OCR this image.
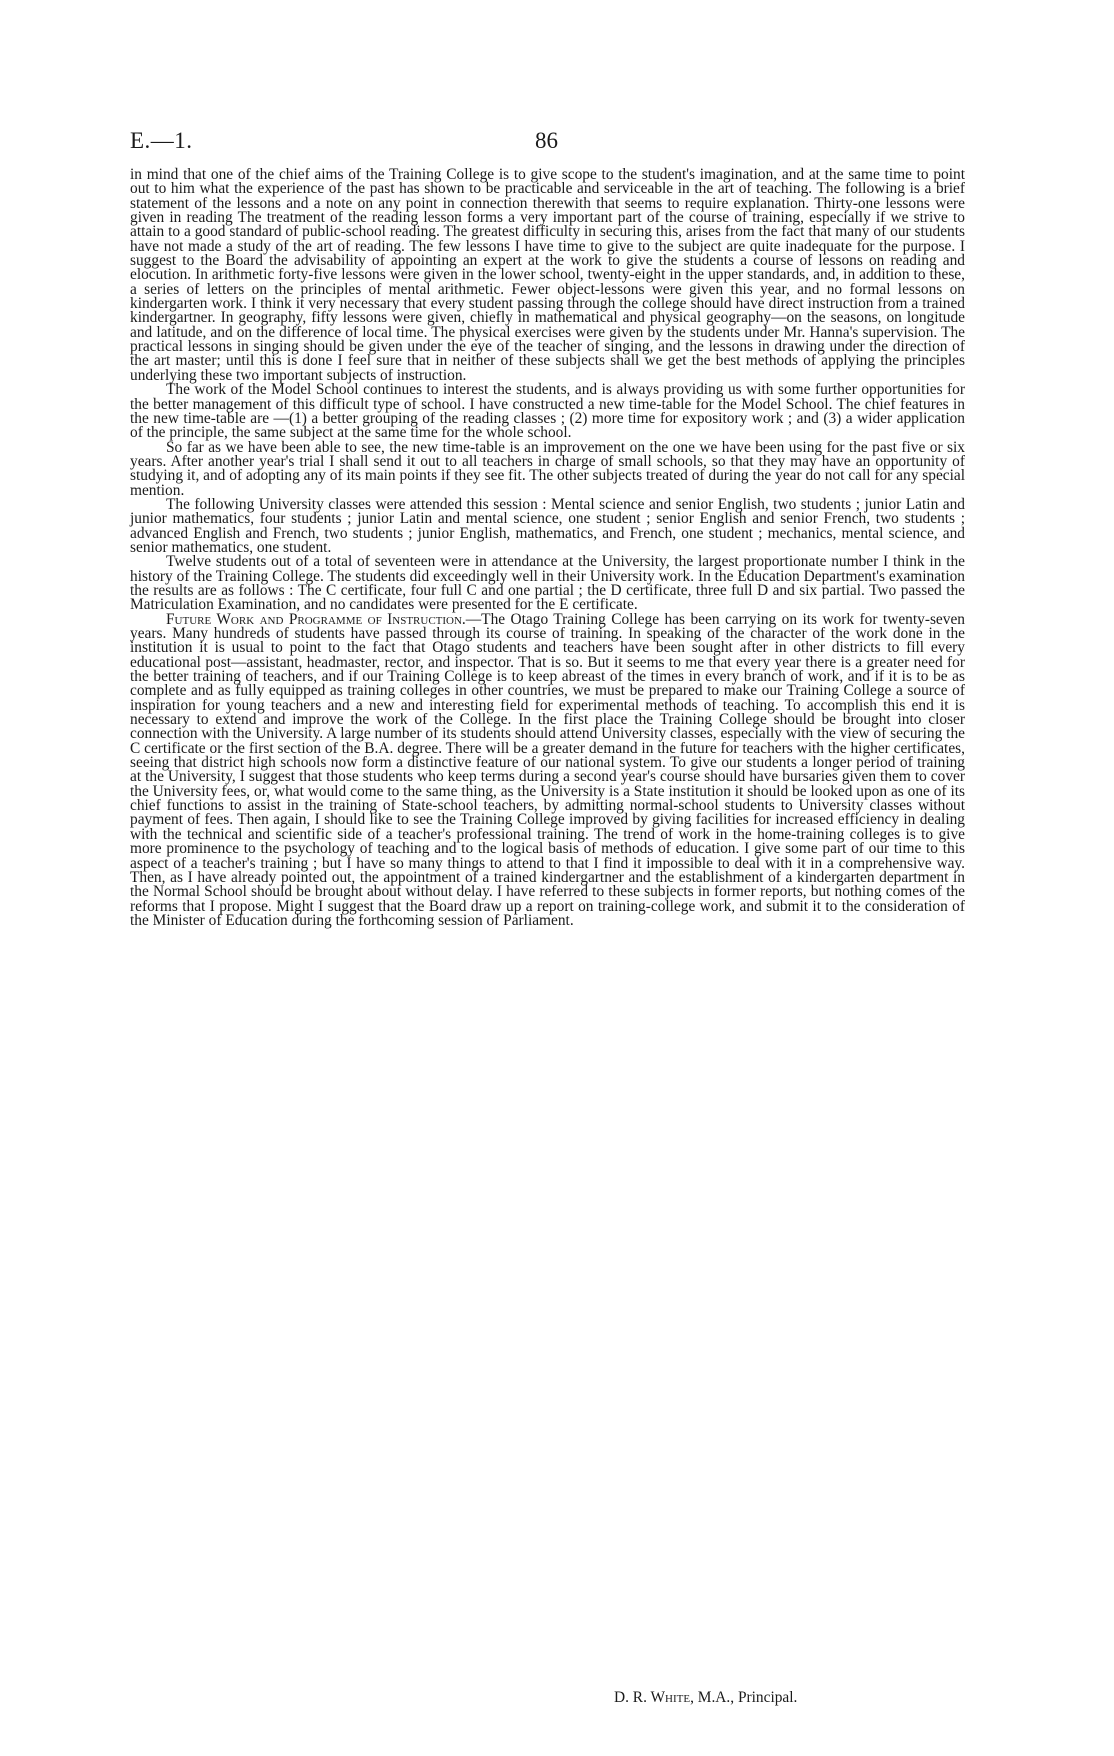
E.—1.	86

in mind that one of the chief aims of the Training College is to give scope to the student's imagination, and at the same time to point out to him what the experience of the past has shown to be practicable and serviceable in the art of teaching. The following is a brief statement of the lessons and a note on any point in connection therewith that seems to require explanation. Thirty-one lessons were given in reading The treatment of the reading lesson forms a very important part of the course of training, especially if we strive to attain to a good standard of public-school reading. The greatest difficulty in securing this, arises from the fact that many of our students have not made a study of the art of reading. The few lessons I have time to give to the subject are quite inadequate for the purpose. I suggest to the Board the advisability of appointing an expert at the work to give the students a course of lessons on reading and elocution. In arithmetic forty-five lessons were given in the lower school, twenty-eight in the upper standards, and, in addition to these, a series of letters on the principles of mental arithmetic. Fewer object-lessons were given this year, and no formal lessons on kindergarten work. I think it very necessary that every student passing through the college should have direct instruction from a trained kindergartner. In geography, fifty lessons were given, chiefly in mathematical and physical geography—on the seasons, on longitude and latitude, and on the difference of local time. The physical exercises were given by the students under Mr. Hanna's supervision. The practical lessons in singing should be given under the eye of the teacher of singing, and the lessons in drawing under the direction of the art master; until this is done I feel sure that in neither of these subjects shall we get the best methods of applying the principles underlying these two important subjects of instruction.

The work of the Model School continues to interest the students, and is always providing us with some further opportunities for the better management of this difficult type of school. I have constructed a new time-table for the Model School. The chief features in the new time-table are —(1) a better grouping of the reading classes ; (2) more time for expository work ; and (3) a wider application of the principle, the same subject at the same time for the whole school.

So far as we have been able to see, the new time-table is an improvement on the one we have been using for the past five or six years. After another year's trial I shall send it out to all teachers in charge of small schools, so that they may have an opportunity of studying it, and of adopting any of its main points if they see fit. The other subjects treated of during the year do not call for any special mention.

The following University classes were attended this session : Mental science and senior English, two students ; junior Latin and junior mathematics, four students ; junior Latin and mental science, one student ; senior English and senior French, two students ; advanced English and French, two students ; junior English, mathematics, and French, one student ; mechanics, mental science, and senior mathematics, one student.

Twelve students out of a total of seventeen were in attendance at the University, the largest proportionate number I think in the history of the Training College. The students did exceedingly well in their University work. In the Education Department's examination the results are as follows : The C certificate, four full C and one partial ; the D certificate, three full D and six partial. Two passed the Matriculation Examination, and no candidates were presented for the E certificate.

Future Work and Programme of Instruction.—The Otago Training College has been carrying on its work for twenty-seven years. Many hundreds of students have passed through its course of training. In speaking of the character of the work done in the institution it is usual to point to the fact that Otago students and teachers have been sought after in other districts to fill every educational post—assistant, headmaster, rector, and inspector. That is so. But it seems to me that every year there is a greater need for the better training of teachers, and if our Training College is to keep abreast of the times in every branch of work, and if it is to be as complete and as fully equipped as training colleges in other countries, we must be prepared to make our Training College a source of inspiration for young teachers and a new and interesting field for experimental methods of teaching. To accomplish this end it is necessary to extend and improve the work of the College. In the first place the Training College should be brought into closer connection with the University. A large number of its students should attend University classes, especially with the view of securing the C certificate or the first section of the B.A. degree. There will be a greater demand in the future for teachers with the higher certificates, seeing that district high schools now form a distinctive feature of our national system. To give our students a longer period of training at the University, I suggest that those students who keep terms during a second year's course should have bursaries given them to cover the University fees, or, what would come to the same thing, as the University is a State institution it should be looked upon as one of its chief functions to assist in the training of State-school teachers, by admitting normal-school students to University classes without payment of fees. Then again, I should like to see the Training College improved by giving facilities for increased efficiency in dealing with the technical and scientific side of a teacher's professional training. The trend of work in the home-training colleges is to give more prominence to the psychology of teaching and to the logical basis of methods of education. I give some part of our time to this aspect of a teacher's training ; but I have so many things to attend to that I find it impossible to deal with it in a comprehensive way. Then, as I have already pointed out, the appointment of a trained kindergartner and the establishment of a kindergarten department in the Normal School should be brought about without delay. I have referred to these subjects in former reports, but nothing comes of the reforms that I propose. Might I suggest that the Board draw up a report on training-college work, and submit it to the consideration of the Minister of Education during the forthcoming session of Parliament.

D. R. White, M.A., Principal.
